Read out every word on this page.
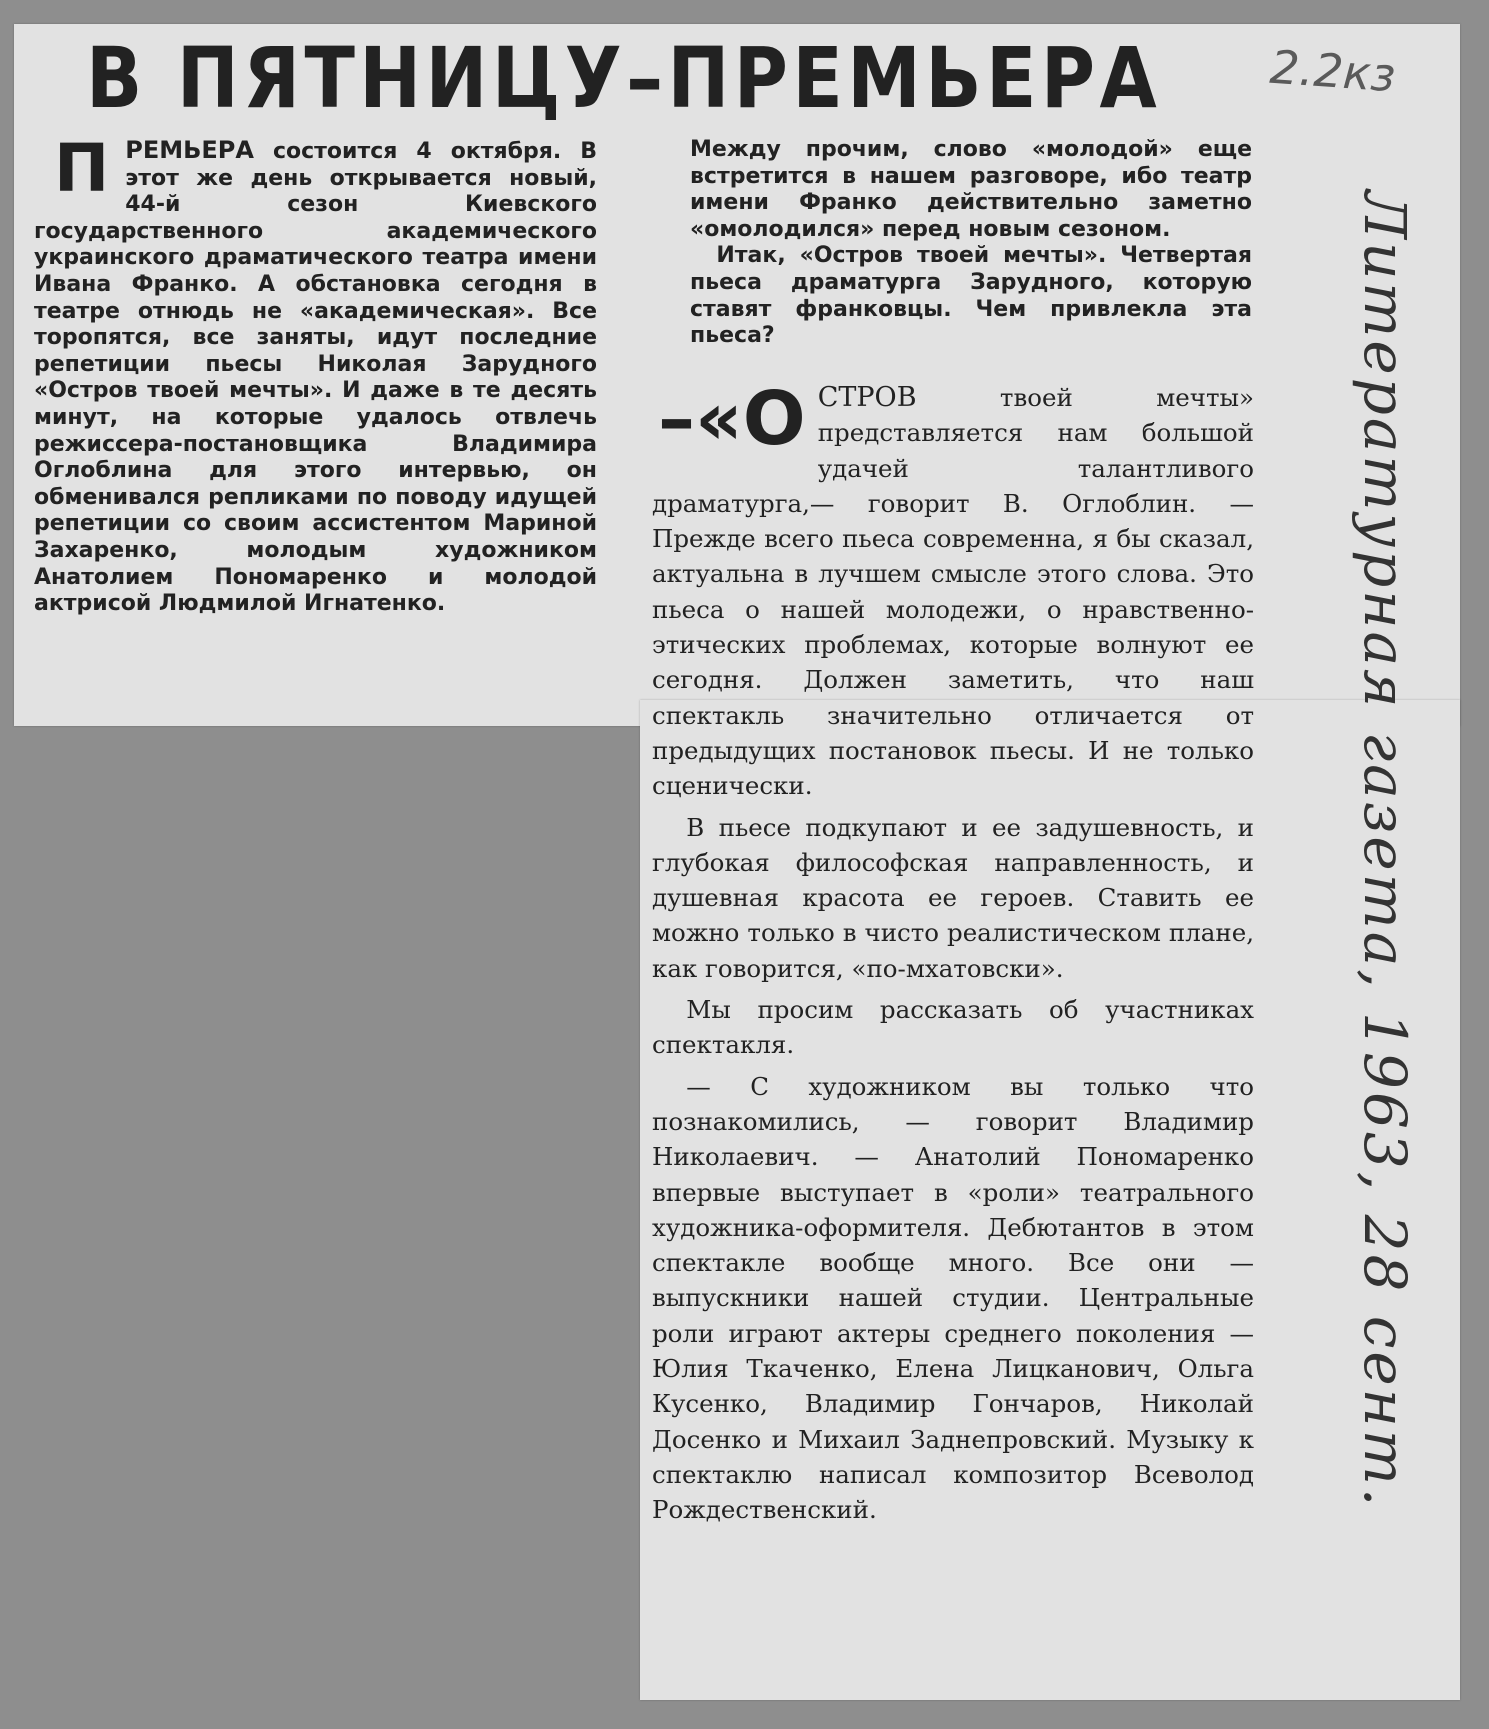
В ПЯТНИЦУ–ПРЕМЬЕРА 2.2кз
Литературная газета, 1963, 28 сент.

ПРЕМЬЕРА состоится 4 октября. В этот же день открывается новый, 44-й сезон Киевского государственного академического украинского драматического театра имени Ивана Франко. А обстановка сегодня в театре отнюдь не «академическая». Все торопятся, все заняты, идут последние репетиции пьесы Николая Зарудного «Остров твоей мечты». И даже в те десять минут, на которые удалось отвлечь режиссера-постановщика Владимира Оглоблина для этого интервью, он обменивался репликами по поводу идущей репетиции со своим ассистентом Мариной Захаренко, молодым художником Анатолием Пономаренко и молодой актрисой Людмилой Игнатенко.

Между прочим, слово «молодой» еще встретится в нашем разговоре, ибо театр имени Франко действительно заметно «омолодился» перед новым сезоном.

Итак, «Остров твоей мечты». Четвертая пьеса драматурга Зарудного, которую ставят франковцы. Чем привлекла эта пьеса?

–«О СТРОВ твоей мечты» представляется нам большой удачей талантливого драматурга,— говорит В. Оглоблин. — Прежде всего пьеса современна, я бы сказал, актуальна в лучшем смысле этого слова. Это пьеса о нашей молодежи, о нравственно-этических проблемах, которые волнуют ее сегодня. Должен заметить, что наш спектакль значительно отличается от предыдущих постановок пьесы. И не только сценически.

В пьесе подкупают и ее задушевность, и глубокая философская направленность, и душевная красота ее героев. Ставить ее можно только в чисто реалистическом плане, как говорится, «по-мхатовски».

Мы просим рассказать об участниках спектакля.

— С художником вы только что познакомились, — говорит Владимир Николаевич. — Анатолий Пономаренко впервые выступает в «роли» театрального художника-оформителя. Дебютантов в этом спектакле вообще много. Все они — выпускники нашей студии. Центральные роли играют актеры среднего поколения — Юлия Ткаченко, Елена Лицканович, Ольга Кусенко, Владимир Гончаров, Николай Досенко и Михаил Заднепровский. Музыку к спектаклю написал композитор Всеволод Рождественский.
